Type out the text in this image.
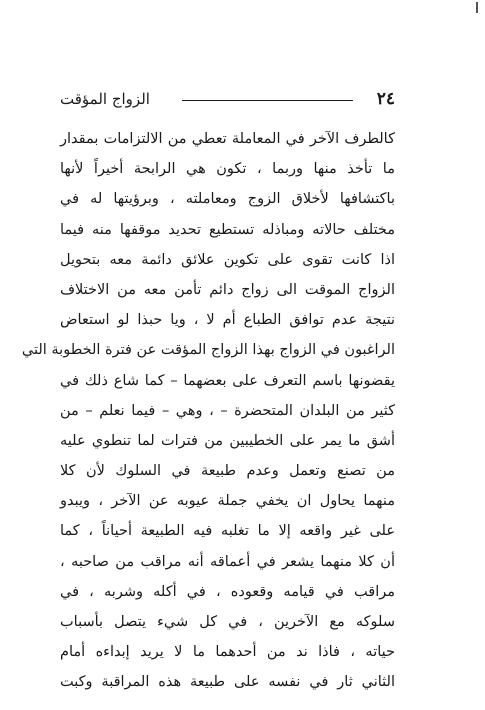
٢٤
الزواج المؤقت
كالطرف الآخر في المعاملة تعطي من الالتزامات بمقدار
ما تأخذ منها وربما ، تكون هي الرابحة أخيراً لأنها
باكتشافها لأخلاق الزوج ومعاملته ، وبرؤيتها له في
مختلف حالاته ومباذله تستطيع تحديد موقفها منه فيما
اذا كانت تقوى على تكوين علائق دائمة معه بتحويل
الزواج الموقت الى زواج دائم تأمن معه من الاختلاف
نتيجة عدم توافق الطباع أم لا ، ويا حبذا لو استعاض
الراغبون في الزواج بهذا الزواج المؤقت عن فترة الخطوبة التي
يقضونها باسم التعرف على بعضهما – كما شاع ذلك في
كثير من البلدان المتحضرة – ، وهي – فيما نعلم – من
أشق ما يمر على الخطيبين من فترات لما تنطوي عليه
من تصنع وتعمل وعدم طبيعة في السلوك لأن كلا
منهما يحاول ان يخفي جملة عيوبه عن الآخر ، ويبدو
على غير واقعه إلا ما تغلبه فيه الطبيعة أحياناً ، كما
أن كلا منهما يشعر في أعماقه أنه مراقب من صاحبه ،
مراقب في قيامه وقعوده ، في أكله وشربه ، في
سلوكه مع الآخرين ، في كل شيء يتصل بأسباب
حياته ، فاذا ند من أحدهما ما لا يريد إبداءه أمام
الثاني ثار في نفسه على طبيعة هذه المراقبة وكبت
